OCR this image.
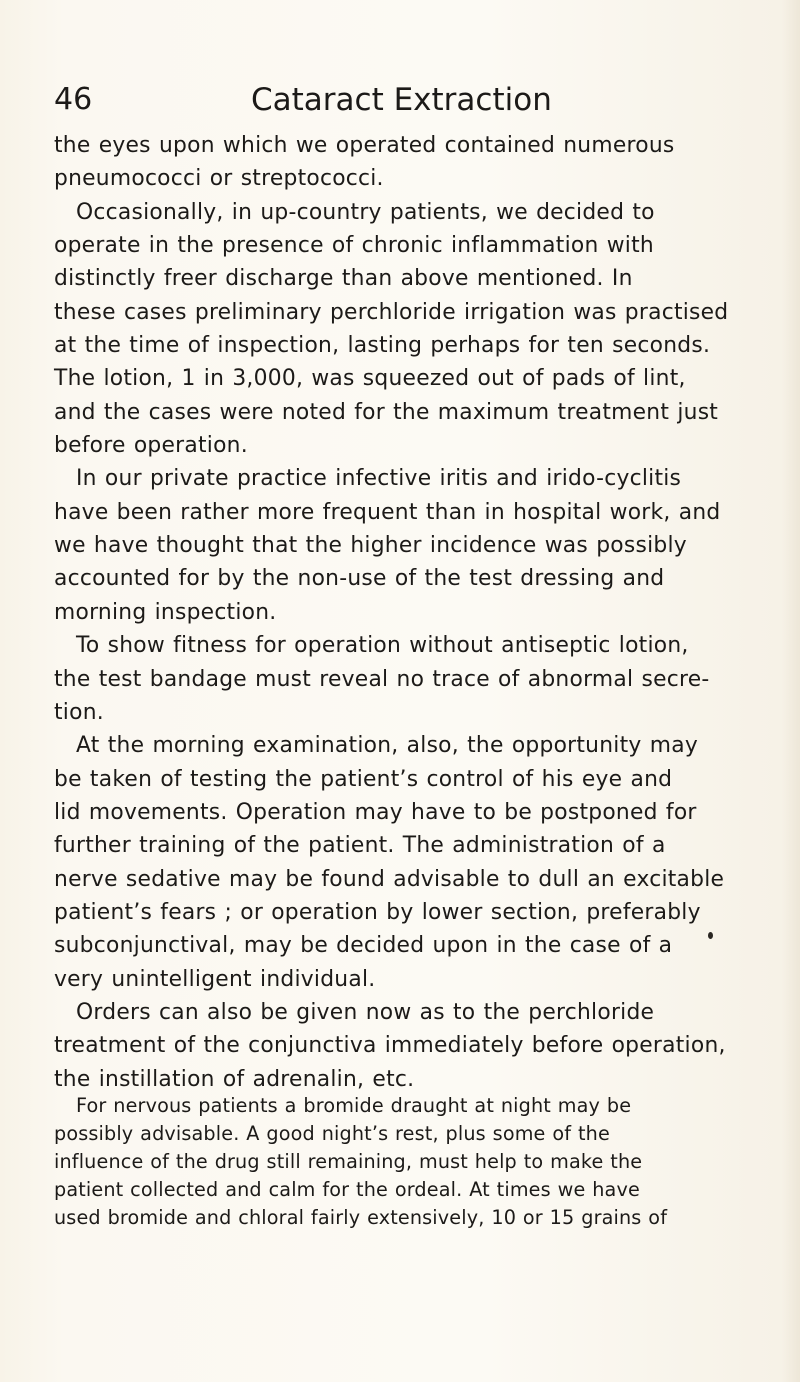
46	Cataract Extraction
the eyes upon which we operated contained numerous
pneumococci or streptococci.
Occasionally, in up-country patients, we decided to
operate in the presence of chronic inflammation with
distinctly freer discharge than above mentioned. In
these cases preliminary perchloride irrigation was practised
at the time of inspection, lasting perhaps for ten seconds.
The lotion, 1 in 3,000, was squeezed out of pads of lint,
and the cases were noted for the maximum treatment just
before operation.
In our private practice infective iritis and irido-cyclitis
have been rather more frequent than in hospital work, and
we have thought that the higher incidence was possibly
accounted for by the non-use of the test dressing and
morning inspection.
To show fitness for operation without antiseptic lotion,
the test bandage must reveal no trace of abnormal secre-
tion.
At the morning examination, also, the opportunity may
be taken of testing the patient’s control of his eye and
lid movements. Operation may have to be postponed for
further training of the patient. The administration of a
nerve sedative may be found advisable to dull an excitable
patient’s fears ; or operation by lower section, preferably
subconjunctival, may be decided upon in the case of a
very unintelligent individual.
Orders can also be given now as to the perchloride
treatment of the conjunctiva immediately before operation,
the instillation of adrenalin, etc.
For nervous patients a bromide draught at night may be
possibly advisable. A good night’s rest, plus some of the
influence of the drug still remaining, must help to make the
patient collected and calm for the ordeal. At times we have
used bromide and chloral fairly extensively, 10 or 15 grains of
